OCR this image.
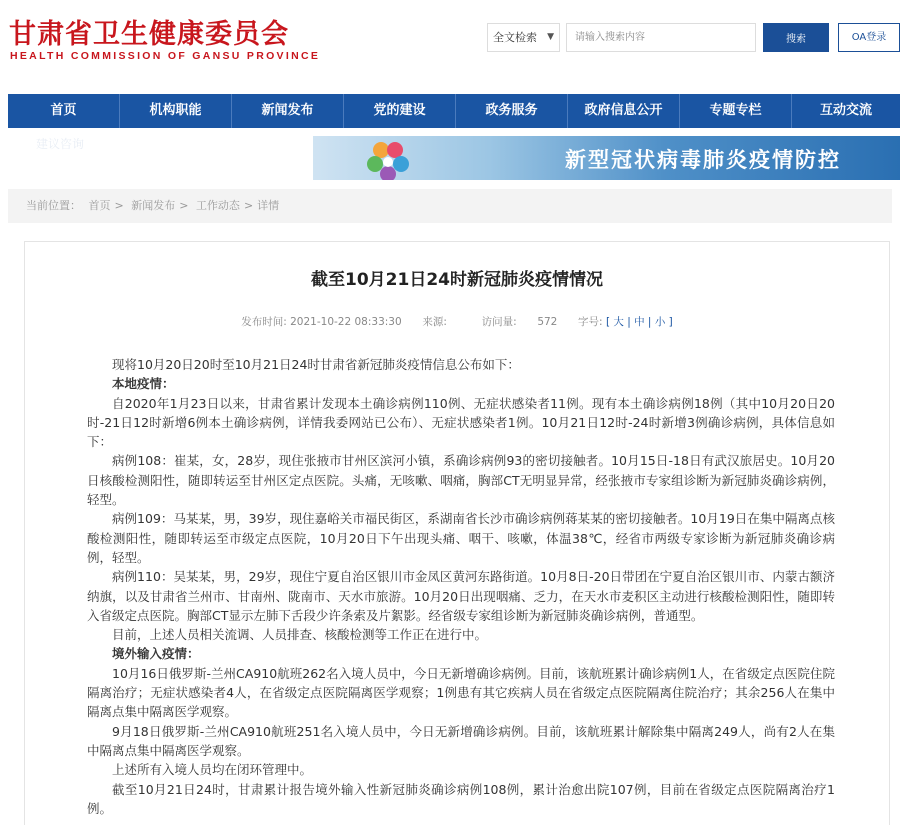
甘肃省卫生健康委员会
HEALTH COMMISSION OF GANSU PROVINCE
全文检索 ▼
请输入搜索内容	搜索	OA登录
首页	机构职能	新闻发布	党的建设	政务服务	政府信息公开	专题专栏	互动交流
建议咨询
新型冠状病毒肺炎疫情防控
当前位置： 首页 > 新闻发布 > 工作动态 > 详情
截至10月21日24时新冠肺炎疫情情况
发布时间: 2021-10-22 08:33:30 来源:	访问量: 572 字号: [ 大 | 中 | 小 ]

现将10月20日20时至10月21日24时甘肃省新冠肺炎疫情信息公布如下：

本地疫情：

自2020年1月23日以来，甘肃省累计发现本土确诊病例110例、无症状感染者11例。现有本土确诊病例18例（其中10月20日20时-21日12时新增6例本土确诊病例，详情我委网站已公布）、无症状感染者1例。10月21日12时-24时新增3例确诊病例，具体信息如下：

病例108：崔某，女，28岁，现住张掖市甘州区滨河小镇，系确诊病例93的密切接触者。10月15日-18日有武汉旅居史。10月20日核酸检测阳性，随即转运至甘州区定点医院。头痛，无咳嗽、咽痛，胸部CT无明显异常，经张掖市专家组诊断为新冠肺炎确诊病例，轻型。

病例109：马某某，男，39岁，现住嘉峪关市福民街区，系湖南省长沙市确诊病例蒋某某的密切接触者。10月19日在集中隔离点核酸检测阳性，随即转运至市级定点医院，10月20日下午出现头痛、咽干、咳嗽，体温38℃，经省市两级专家诊断为新冠肺炎确诊病例，轻型。

病例110：吴某某，男，29岁，现住宁夏自治区银川市金凤区黄河东路街道。10月8日-20日带团在宁夏自治区银川市、内蒙古额济纳旗，以及甘肃省兰州市、甘南州、陇南市、天水市旅游。10月20日出现咽痛、乏力，在天水市麦积区主动进行核酸检测阳性，随即转入省级定点医院。胸部CT显示左肺下舌段少许条索及片絮影。经省级专家组诊断为新冠肺炎确诊病例，普通型。

目前，上述人员相关流调、人员排查、核酸检测等工作正在进行中。

境外输入疫情：

10月16日俄罗斯-兰州CA910航班262名入境人员中，今日无新增确诊病例。目前，该航班累计确诊病例1人，在省级定点医院住院隔离治疗；无症状感染者4人，在省级定点医院隔离医学观察；1例患有其它疾病人员在省级定点医院隔离住院治疗；其余256人在集中隔离点集中隔离医学观察。

9月18日俄罗斯-兰州CA910航班251名入境人员中，今日无新增确诊病例。目前，该航班累计解除集中隔离249人，尚有2人在集中隔离点集中隔离医学观察。

上述所有入境人员均在闭环管理中。

截至10月21日24时，甘肃累计报告境外输入性新冠肺炎确诊病例108例，累计治愈出院107例，目前在省级定点医院隔离治疗1例。
